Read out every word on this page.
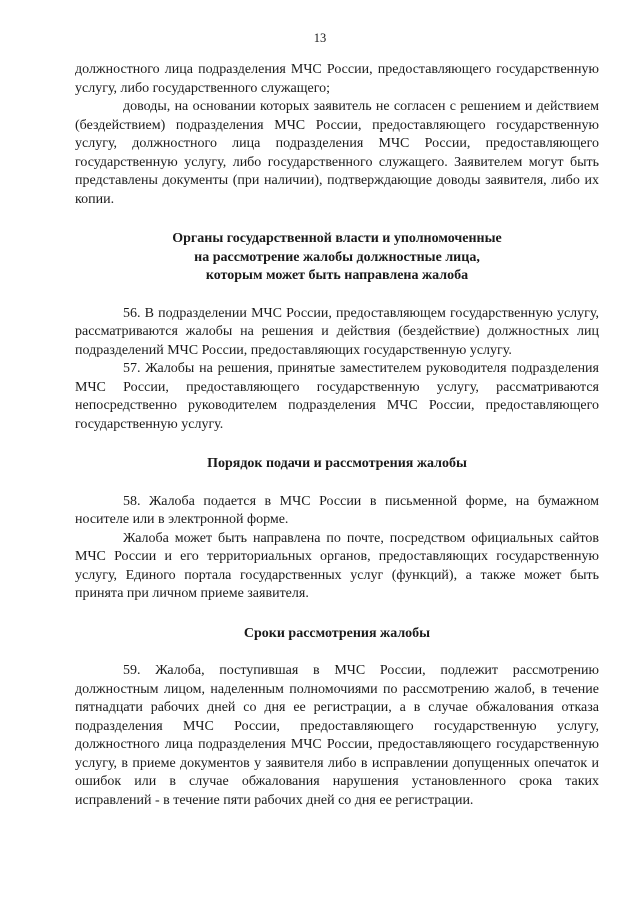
13

должностного лица подразделения МЧС России, предоставляющего государственную услугу, либо государственного служащего;

доводы, на основании которых заявитель не согласен с решением и действием (бездействием) подразделения МЧС России, предоставляющего государственную услугу, должностного лица подразделения МЧС России, предоставляющего государственную услугу, либо государственного служащего. Заявителем могут быть представлены документы (при наличии), подтверждающие доводы заявителя, либо их копии.

Органы государственной власти и уполномоченные

на рассмотрение жалобы должностные лица,

которым может быть направлена жалоба

56. В подразделении МЧС России, предоставляющем государственную услугу, рассматриваются жалобы на решения и действия (бездействие) должностных лиц подразделений МЧС России, предоставляющих государственную услугу.

57. Жалобы на решения, принятые заместителем руководителя подразделения МЧС России, предоставляющего государственную услугу, рассматриваются непосредственно руководителем подразделения МЧС России, предоставляющего государственную услугу.

Порядок подачи и рассмотрения жалобы

58. Жалоба подается в МЧС России в письменной форме, на бумажном носителе или в электронной форме.

Жалоба может быть направлена по почте, посредством официальных сайтов МЧС России и его территориальных органов, предоставляющих государственную услугу, Единого портала государственных услуг (функций), а также может быть принята при личном приеме заявителя.

Сроки рассмотрения жалобы

59. Жалоба, поступившая в МЧС России, подлежит рассмотрению должностным лицом, наделенным полномочиями по рассмотрению жалоб, в течение пятнадцати рабочих дней со дня ее регистрации, а в случае обжалования отказа подразделения МЧС России, предоставляющего государственную услугу, должностного лица подразделения МЧС России, предоставляющего государственную услугу, в приеме документов у заявителя либо в исправлении допущенных опечаток и ошибок или в случае обжалования нарушения установленного срока таких исправлений - в течение пяти рабочих дней со дня ее регистрации.
